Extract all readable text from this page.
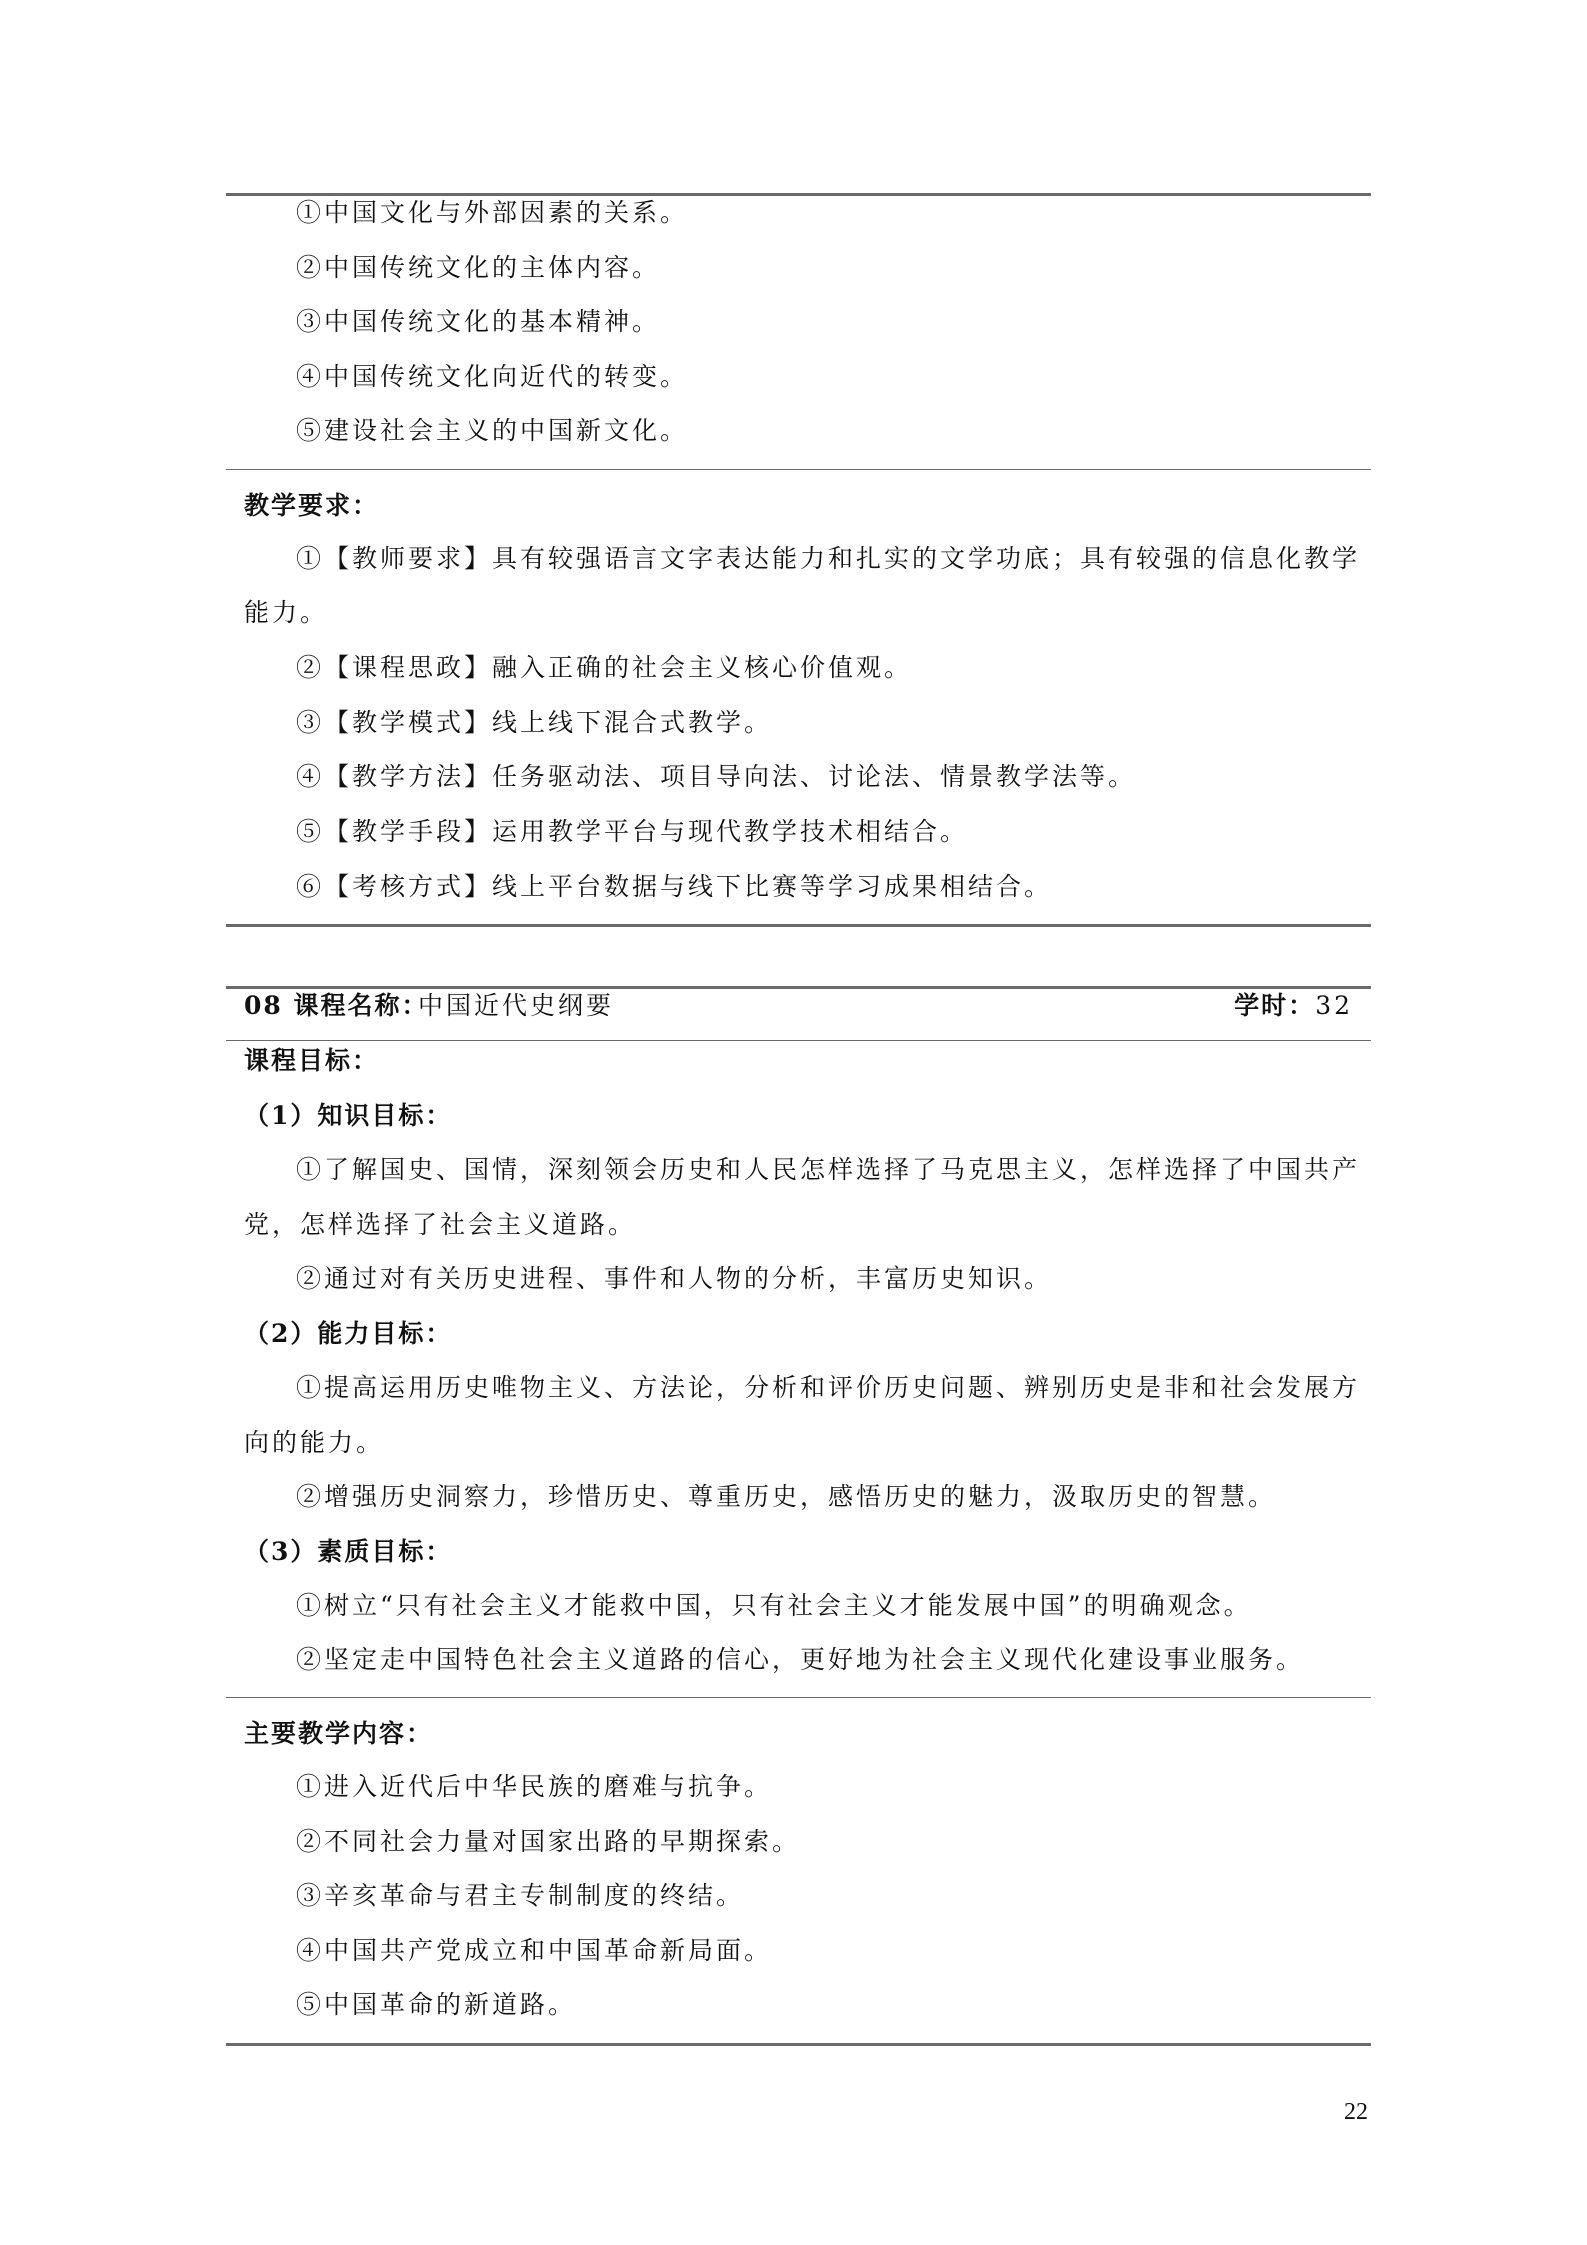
①中国文化与外部因素的关系。
②中国传统文化的主体内容。
③中国传统文化的基本精神。
④中国传统文化向近代的转变。
⑤建设社会主义的中国新文化。
教学要求：
①【教师要求】具有较强语言文字表达能力和扎实的文学功底；具有较强的信息化教学
能力。
②【课程思政】融入正确的社会主义核心价值观。
③【教学模式】线上线下混合式教学。
④【教学方法】任务驱动法、项目导向法、讨论法、情景教学法等。
⑤【教学手段】运用教学平台与现代教学技术相结合。
⑥【考核方式】线上平台数据与线下比赛等学习成果相结合。
08 课程名称：
中国近代史纲要	学时：32
课程目标：
（1）知识目标：
①了解国史、国情，深刻领会历史和人民怎样选择了马克思主义，怎样选择了中国共产
党，怎样选择了社会主义道路。
②通过对有关历史进程、事件和人物的分析，丰富历史知识。
（2）能力目标：
①提高运用历史唯物主义、方法论，分析和评价历史问题、辨别历史是非和社会发展方
向的能力。
②增强历史洞察力，珍惜历史、尊重历史，感悟历史的魅力，汲取历史的智慧。
（3）素质目标：
①树立“只有社会主义才能救中国，只有社会主义才能发展中国”的明确观念。
②坚定走中国特色社会主义道路的信心，更好地为社会主义现代化建设事业服务。
主要教学内容：
①进入近代后中华民族的磨难与抗争。
②不同社会力量对国家出路的早期探索。
③辛亥革命与君主专制制度的终结。
④中国共产党成立和中国革命新局面。
⑤中国革命的新道路。
22
